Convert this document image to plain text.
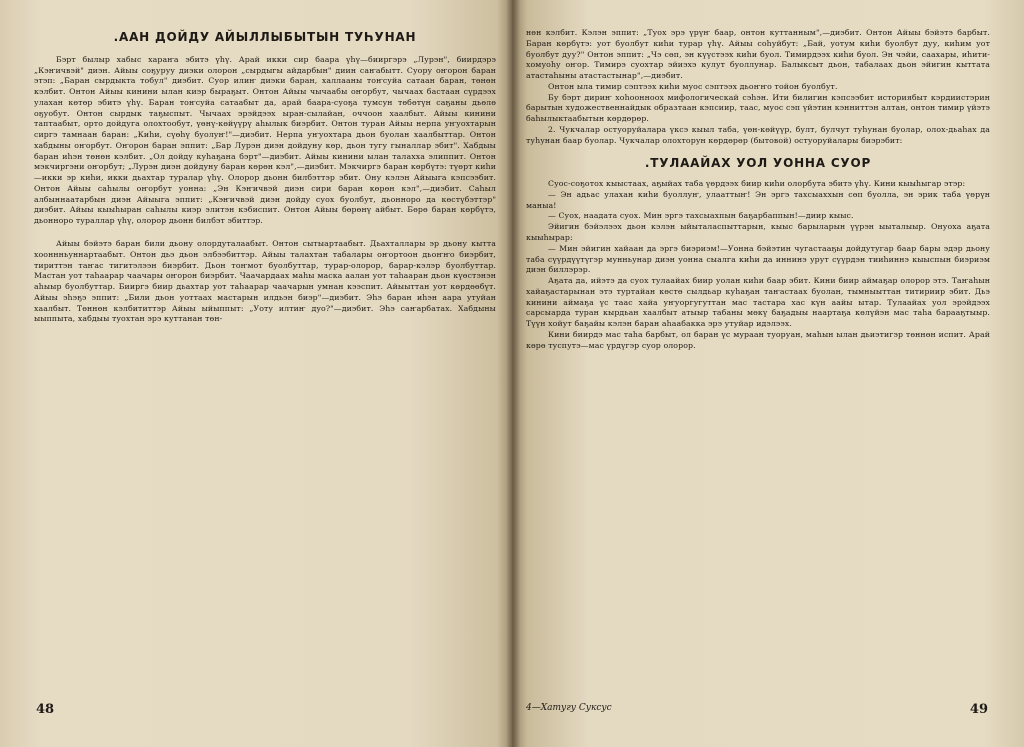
.ААН ДОЙДУ АЙЫЛЛЫБЫТЫН ТУҺУНАН

Бэрт былыр хабыс хараҥа эбитэ үһү. Арай икки сир баара үһү—бииргэрэ „Лурэн", биирдэрэ „Кэҥичвэй" диэн. Айыы соҕуруу диэки олорон „сырдыгы айдарбын" диин саҥабытт. Суору оҥорон баран этэп: „Баран сырдыкта тобул" диэбит. Суор илиҥ диэки баран, халлааны тоҥсуйа сатаан баран, төнөн кэлбит. Онтон Айыы кинини ылан киэр быраҕыт. Онтон Айыы чычаабы оҥорбут, чычаах бастаан сүрдээх улахан көтөр эбитэ үһү. Баран тоҥсуйа сатаабыт да, арай баара-суоҕа тумсун төбөтүн саҕаны дьөлө оҕуобут. Онтон сырдык таҕыспыт. Чычаах эрэйдээх ыран-сылайан, оччоон хаалбыт. Айыы кинини таптаабыт, орто дойдуга олохтообут, үөнү-көйүүрү аһылык биэрбит. Онтон туран Айыы нерпа уҥуохтарын сиргэ тамнаан баран: „Киһи, сүөһү буолуҥ!"—диэбит. Нерпа уҥуохтара дьон буолан хаалбыттар. Онтон хабдыны оҥорбут. Оҥорон баран эппит: „Бар Лурэн диэн дойдуну көр, дьон тугу гыналлар эбит". Хабдыы баран иһэн төнөн кэлбит. „Ол дойду куһаҕана бэрт"—диэбит. Айыы кинини ылан талахха элиппит. Онтон мэкчиргэни оҥорбут; „Лурэн диэн дойдуну баран көрөн кэл",—диэбит. Мэкчиргэ баран көрбүтэ: түөрт киһи—икки эр киһи, икки дьахтар туралар үһү. Олорор дьонн билбэттэр эбит. Ону кэлэн Айыыга кэпсээбит. Онтон Айыы саһылы оҥорбут уонна: „Эн Кэҥичвэй диэн сири баран көрөн кэл",—диэбит. Саһыл албыннаатарбын диэн Айыыга эппит: „Кэҥичвэй диэн дойду суох буолбут, дьонноро да көстүбэттэр" диэбит. Айыы кыыһыран саһылы киэр элитэн кэбиспит. Онтон Айыы бөрөнү айбыт. Бөрө баран көрбүтэ, дьонноро тураллар үһү, олорор дьонн билбэт эбиттэр.

Айыы бэйэтэ баран били дьону олордуталаабыт. Онтон сытыартаабыт. Дьахталлары эр дьону кытта хооннньуннартаабыт. Онтон дьэ дьон элбээбиттэр. Айыы талахтан табалары оҥортоон дьоҥҥо биэрбит, тириттэн таҥас тигитэлээн биэрбит. Дьон тоҥмот буолбуттар, турар-олорор, барар-кэлэр буолбуттар. Мастан уот таһаарар чаачары оҥорон биэрбит. Чаачардаах маһы маска аалан уот таһааран дьон күөстэнэн аһыыр буолбуттар. Бииргэ биир дьахтар уот таһаарар чаачарын умнан кээспит. Айыыттан уот көрдөөбүт. Айыы эһэҕэ эппит: „Били дьон уоттаах мастарын илдьэн биэр"—диэбит. Эһэ баран иһэн аара утуйан хаалбыт. Төннөн кэлбититтэр Айыы ыйыппыт: „Уоту илтиҥ дуо?"—диэбит. Эһэ саҥарбатах. Хабдыны ыыппыта, хабдыы туохтан эрэ куттанан төн-

48

нөн кэлбит. Кэлэн эппит: „Туох эрэ үрүҥ баар, онтон куттанным",—диэбит. Онтон Айыы бэйэтэ барбыт. Баран көрбүтэ: уот буолбут киһи турар үһү. Айыы соһуйбут: „Бай, уотум киһи буолбут дуу, киһим уот буолбут дуу?" Онтон эппит: „Чэ сөп, эн күүстээх киһи буол. Тимирдээх киһи буол. Эн чэйи, саахары, иһити-хомуоһу оҥор. Тимирэ суохтар эйиэхэ кулут буоллунар. Балыксыт дьон, табалаах дьон эйигин кыттата атастаһыны атастастынар",—диэбит.

Онтон ыла тимир сэптээх киһи муос сэптээх дьоҥҥо тойон буолбут.

Бу бэрт дириҥ хоһоонноох мифологическай сэһэн. Ити билигин кэпсээбит историябыт кэрдиистэрин барытын художественнайдык образтаан кэпсиир, таас, муос сэп үйэтин кэнниттэн алтан, онтон тимир үйэтэ баһылыктаабытын көрдөрөр.

2. Чукчалар остуоруйалара үксэ кыыл таба, үөн-көйүүр, булт, булчут туһунан буолар, олох-дьаһах да туһунан баар буолар. Чукчалар олохторун көрдөрөр (бытовой) остуоруйалары биэрэбит:

.ТУЛААЙАХ УОЛ УОННА СУОР

Суос-соҕотох кыыстаах, аҕыйах таба үөрдээх биир киһи олорбута эбитэ үһү. Кини кыыһыгар этэр:

— Эн адьас улахан киһи буоллуҥ, улааттыҥ! Эн эргэ тахсыаххын сөп буолла, эн эрик таба үөрүн маныа!

— Суох, наадата суох. Мин эргэ тахсыахпын баҕарбаппын!—диир кыыс.

Эйигин бэйэлээх дьон кэлэн ыйыталаспыттарын, кыыс барыларын үүрэн ыыталыыр. Онуоха аҕата кыыһырар:

— Мин эйигин хайаан да эргэ биэриэм!—Уонна бэйэтин чугастааҕы дойдутугар баар бары эдэр дьону таба сүүрдүүтүгэр мунньунар диэн уонна сыалга киһи да иннинэ урут сүүрдэн тииһиннэ кыыспын биэриэм диэн биллэрэр.

Аҕата да, ийэтэ да суох тулаайах биир уолан киһи баар эбит. Кини биир аймаҕар олорор этэ. Таҥаһын хайаҕастарынан этэ туртайан көстө сылдьар куһаҕан таҥастаах буолан, тымныыттан титириир эбит. Дьэ кинини аймаҕа үс таас хайа уҥуоргугуттан мас тастара хас күн аайы ытар. Тулаайах уол эрэйдээх сарсыарда туран кырдьан хаалбыт атыыр табаны мөкү баҕадыы наартаҕа көлүйэн мас таһа барааҕтыыр. Түүн хойут баҕайы кэлэн баран аһаабакка эрэ утуйар идэлээх.

Кини биирдэ мас таһа барбыт, ол баран үс мураан туоруан, маһын ылан дьиэтигэр төннөн испит. Арай көрө туспутэ—мас үрдүгэр суор олорор.

4—Хатугу Суксус	49
